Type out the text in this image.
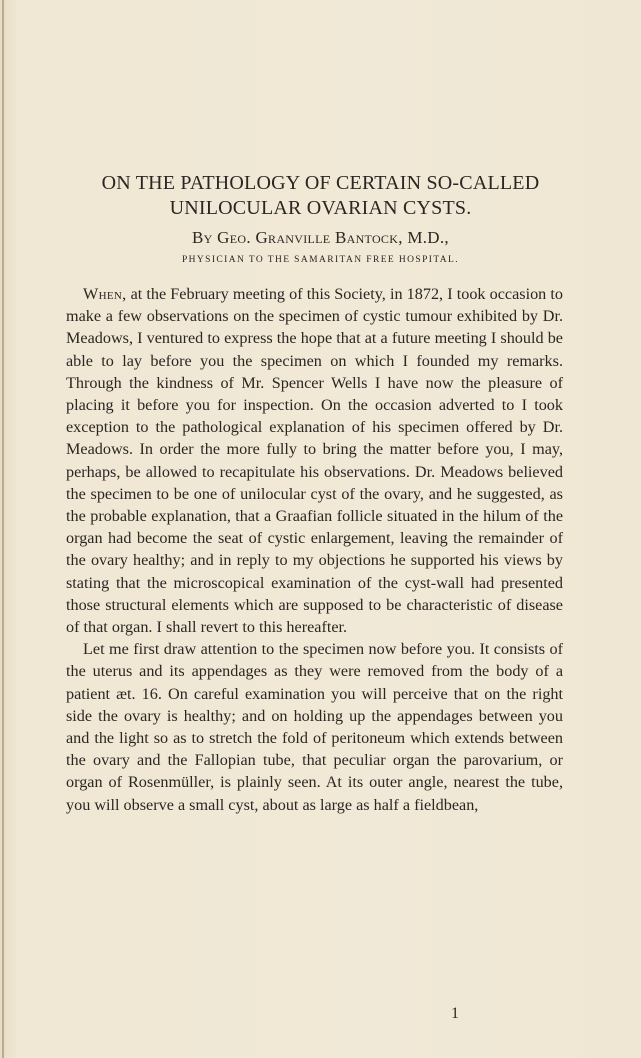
ON THE PATHOLOGY OF CERTAIN SO-CALLED
UNILOCULAR OVARIAN CYSTS.
By Geo. Granville Bantock, M.D.,
PHYSICIAN TO THE SAMARITAN FREE HOSPITAL.

When, at the February meeting of this Society, in 1872, I took occasion to make a few observations on the specimen of cystic tumour exhibited by Dr. Meadows, I ventured to express the hope that at a future meeting I should be able to lay before you the specimen on which I founded my remarks. Through the kindness of Mr. Spencer Wells I have now the pleasure of placing it before you for inspection. On the occasion adverted to I took exception to the pathological explanation of his specimen offered by Dr. Meadows. In order the more fully to bring the matter before you, I may, perhaps, be allowed to recapitulate his observations. Dr. Meadows believed the specimen to be one of unilocular cyst of the ovary, and he suggested, as the probable explanation, that a Graafian follicle situated in the hilum of the organ had become the seat of cystic enlargement, leaving the remainder of the ovary healthy; and in reply to my objections he supported his views by stating that the microscopical examination of the cyst-wall had presented those structural elements which are supposed to be characteristic of disease of that organ. I shall revert to this hereafter.

Let me first draw attention to the specimen now before you. It consists of the uterus and its appendages as they were removed from the body of a patient æt. 16. On careful examination you will perceive that on the right side the ovary is healthy; and on holding up the appendages between you and the light so as to stretch the fold of peritoneum which extends between the ovary and the Fallopian tube, that peculiar organ the parovarium, or organ of Rosenmüller, is plainly seen. At its outer angle, nearest the tube, you will observe a small cyst, about as large as half a fieldbean,

1
